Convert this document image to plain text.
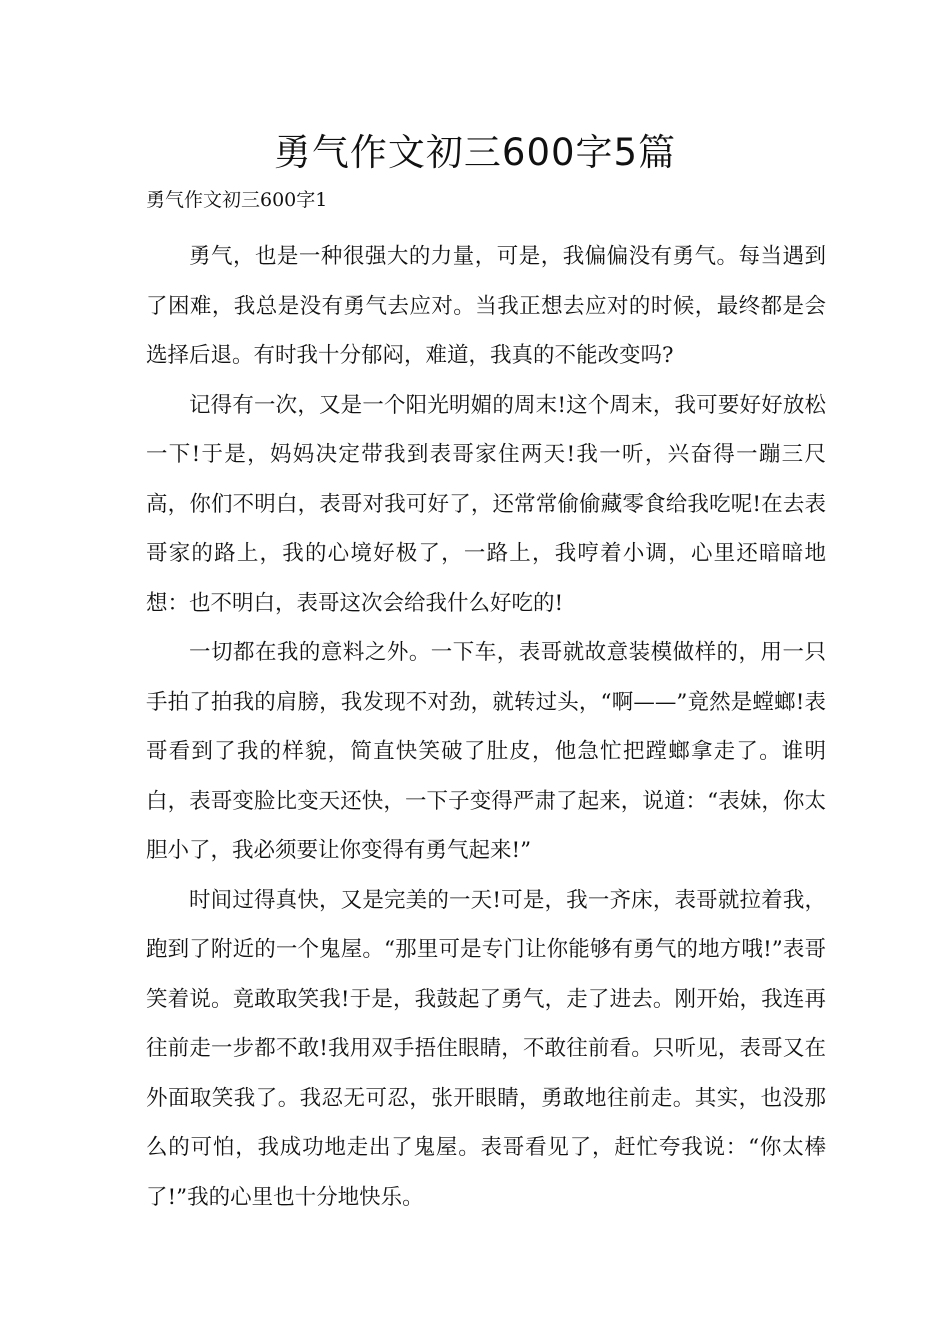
勇气作文初三600字5篇
勇气作文初三600字1

勇气，也是一种很强大的力量，可是，我偏偏没有勇气。每当遇到了困难，我总是没有勇气去应对。当我正想去应对的时候，最终都是会选择后退。有时我十分郁闷，难道，我真的不能改变吗?

记得有一次，又是一个阳光明媚的周末!这个周末，我可要好好放松一下!于是，妈妈决定带我到表哥家住两天!我一听，兴奋得一蹦三尺高，你们不明白，表哥对我可好了，还常常偷偷藏零食给我吃呢!在去表哥家的路上，我的心境好极了，一路上，我哼着小调，心里还暗暗地想：也不明白，表哥这次会给我什么好吃的!

一切都在我的意料之外。一下车，表哥就故意装模做样的，用一只手拍了拍我的肩膀，我发现不对劲，就转过头，“啊——”竟然是螳螂!表哥看到了我的样貌，简直快笑破了肚皮，他急忙把蹚螂拿走了。谁明白，表哥变脸比变天还快，一下子变得严肃了起来，说道：“表妹，你太胆小了，我必须要让你变得有勇气起来!”

时间过得真快，又是完美的一天!可是，我一齐床，表哥就拉着我，跑到了附近的一个鬼屋。“那里可是专门让你能够有勇气的地方哦!”表哥笑着说。竟敢取笑我!于是，我鼓起了勇气，走了进去。刚开始，我连再往前走一步都不敢!我用双手捂住眼睛，不敢往前看。只听见，表哥又在外面取笑我了。我忍无可忍，张开眼睛，勇敢地往前走。其实，也没那么的可怕，我成功地走出了鬼屋。表哥看见了，赶忙夸我说：“你太棒了!”我的心里也十分地快乐。
